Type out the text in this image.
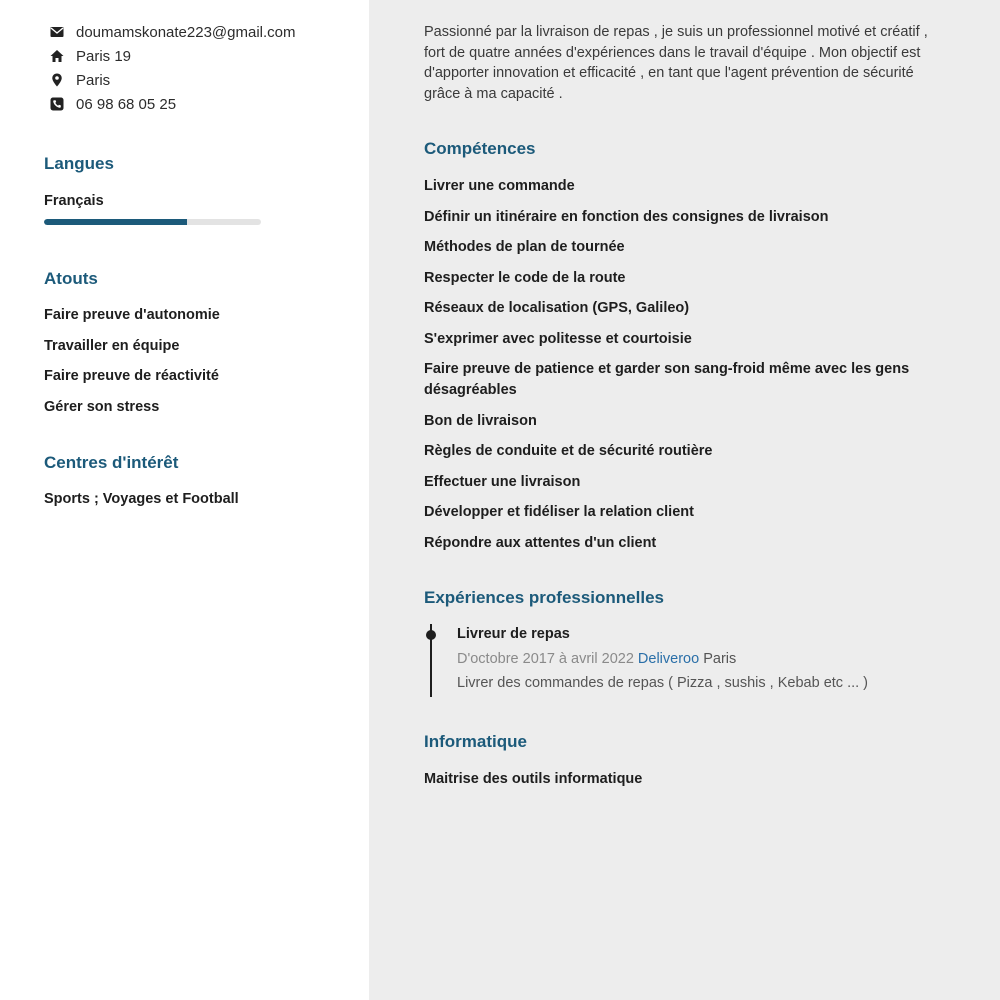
doumamskonate223@gmail.com
Paris 19
Paris
06 98 68 05 25
Langues
Français
Atouts
Faire preuve d'autonomie
Travailler en équipe
Faire preuve de réactivité
Gérer son stress
Centres d'intérêt
Sports ; Voyages et Football
Passionné par la livraison de repas , je suis un professionnel motivé et créatif , fort de quatre années d'expériences dans le travail d'équipe . Mon objectif est d'apporter innovation et efficacité , en tant que l'agent prévention de sécurité grâce à ma capacité .
Compétences
Livrer une commande
Définir un itinéraire en fonction des consignes de livraison
Méthodes de plan de tournée
Respecter le code de la route
Réseaux de localisation (GPS, Galileo)
S'exprimer avec politesse et courtoisie
Faire preuve de patience et garder son sang-froid même avec les gens désagréables
Bon de livraison
Règles de conduite et de sécurité routière
Effectuer une livraison
Développer et fidéliser la relation client
Répondre aux attentes d'un client
Expériences professionnelles
Livreur de repas
D'octobre 2017 à avril 2022 Deliveroo Paris
Livrer des commandes de repas ( Pizza , sushis , Kebab etc ... )
Informatique
Maitrise des outils informatique
